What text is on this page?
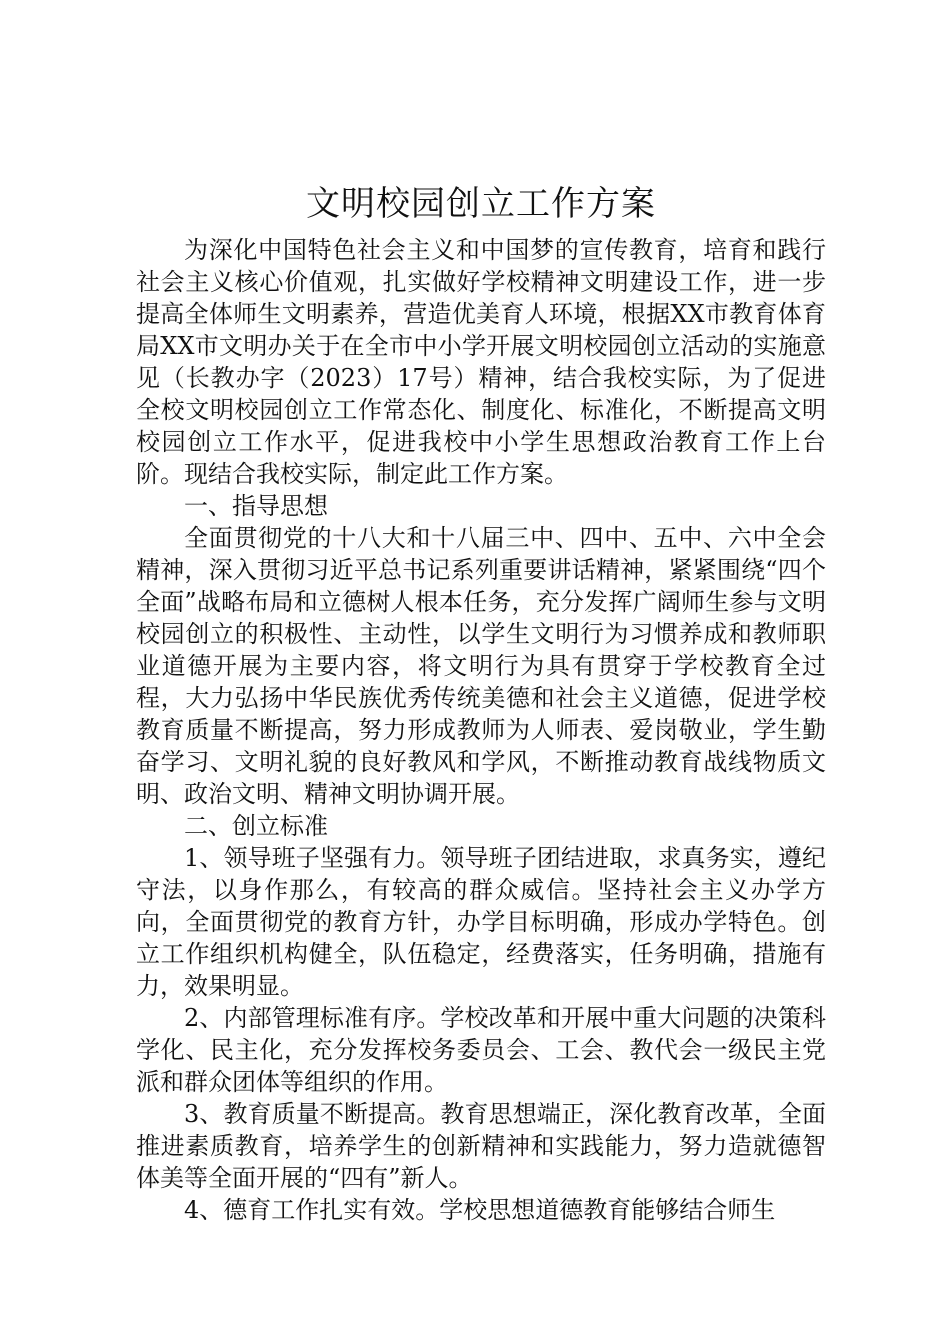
文明校园创立工作方案

为深化中国特色社会主义和中国梦的宣传教育，培育和践行社会主义核心价值观，扎实做好学校精神文明建设工作，进一步提高全体师生文明素养，营造优美育人环境，根据XX市教育体育局XX市文明办关于在全市中小学开展文明校园创立活动的实施意见（长教办字（2023）17号）精神，结合我校实际，为了促进全校文明校园创立工作常态化、制度化、标准化，不断提高文明校园创立工作水平，促进我校中小学生思想政治教育工作上台阶。现结合我校实际，制定此工作方案。

一、指导思想

全面贯彻党的十八大和十八届三中、四中、五中、六中全会精神，深入贯彻习近平总书记系列重要讲话精神，紧紧围绕“四个全面”战略布局和立德树人根本任务，充分发挥广阔师生参与文明校园创立的积极性、主动性，以学生文明行为习惯养成和教师职业道德开展为主要内容，将文明行为具有贯穿于学校教育全过程，大力弘扬中华民族优秀传统美德和社会主义道德，促进学校教育质量不断提高，努力形成教师为人师表、爱岗敬业，学生勤奋学习、文明礼貌的良好教风和学风，不断推动教育战线物质文明、政治文明、精神文明协调开展。

二、创立标准

1、领导班子坚强有力。领导班子团结进取，求真务实，遵纪守法，以身作那么，有较高的群众威信。坚持社会主义办学方向，全面贯彻党的教育方针，办学目标明确，形成办学特色。创立工作组织机构健全，队伍稳定，经费落实，任务明确，措施有力，效果明显。

2、内部管理标准有序。学校改革和开展中重大问题的决策科学化、民主化，充分发挥校务委员会、工会、教代会一级民主党派和群众团体等组织的作用。

3、教育质量不断提高。教育思想端正，深化教育改革，全面推进素质教育，培养学生的创新精神和实践能力，努力造就德智体美等全面开展的“四有”新人。

4、德育工作扎实有效。学校思想道德教育能够结合师生
